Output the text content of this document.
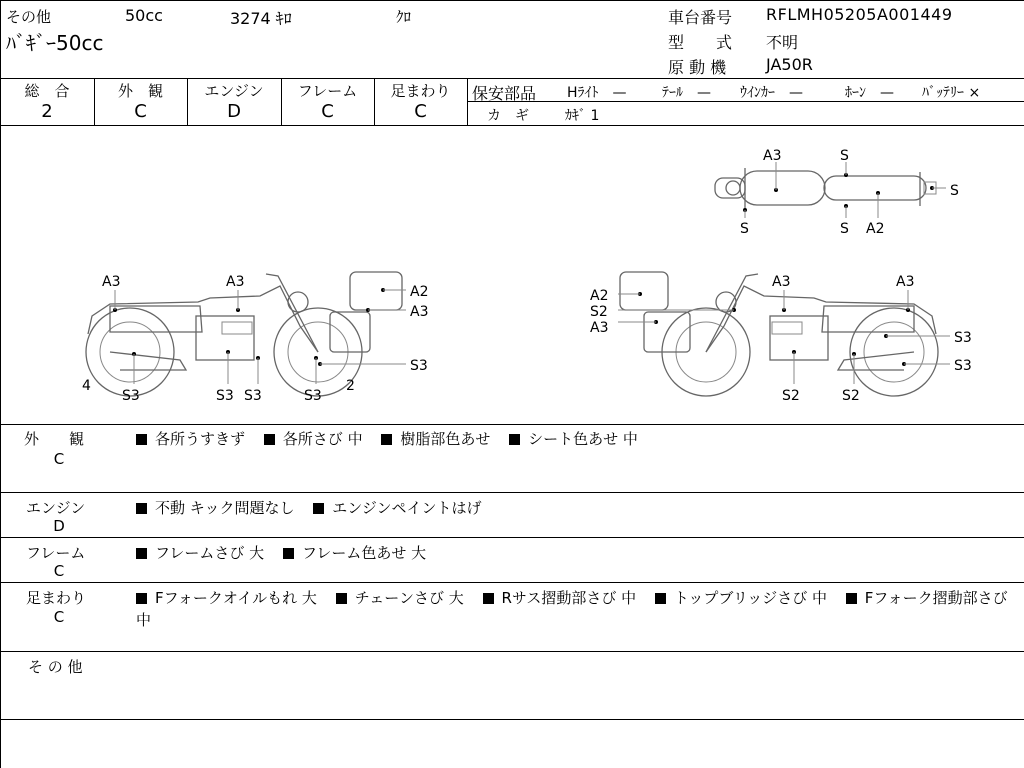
その他	50cc	3274 ｷﾛ	ｸﾛ
ﾊﾞｷﾞｰ50cc
車台番号 RFLMH05205A001449
型　　式 不明
原 動 機 JA50R
総　合
2
外　観
C
エンジン
D
フレーム
C
足まわり
C
保安部品 Hﾗｲﾄ　—	ﾃｰﾙ　— ｳｲﾝｶｰ　—	ﾎｰﾝ　— ﾊﾞｯﾃﾘｰ ×
カ　ギ	ｶｷﾞ 1
A3	S
S
S	S A2
A3	A3
A2
A3
S3
4
S3	S3 S3	S3
2
A2
S2
A3
A3	A3
S3
S3
S2	S2
外　　観
C
各所うすきず	各所さび 中	樹脂部色あせ	シート色あせ 中
エンジン
D
不動 キック問題なし	エンジンペイントはげ
フレーム
C
フレームさび 大	フレーム色あせ 大
足まわり
C
Fフォークオイルもれ 大	チェーンさび 大	Rサス摺動部さび 中	トップブリッジさび 中	Fフォーク摺動部さび 中
そ の 他
